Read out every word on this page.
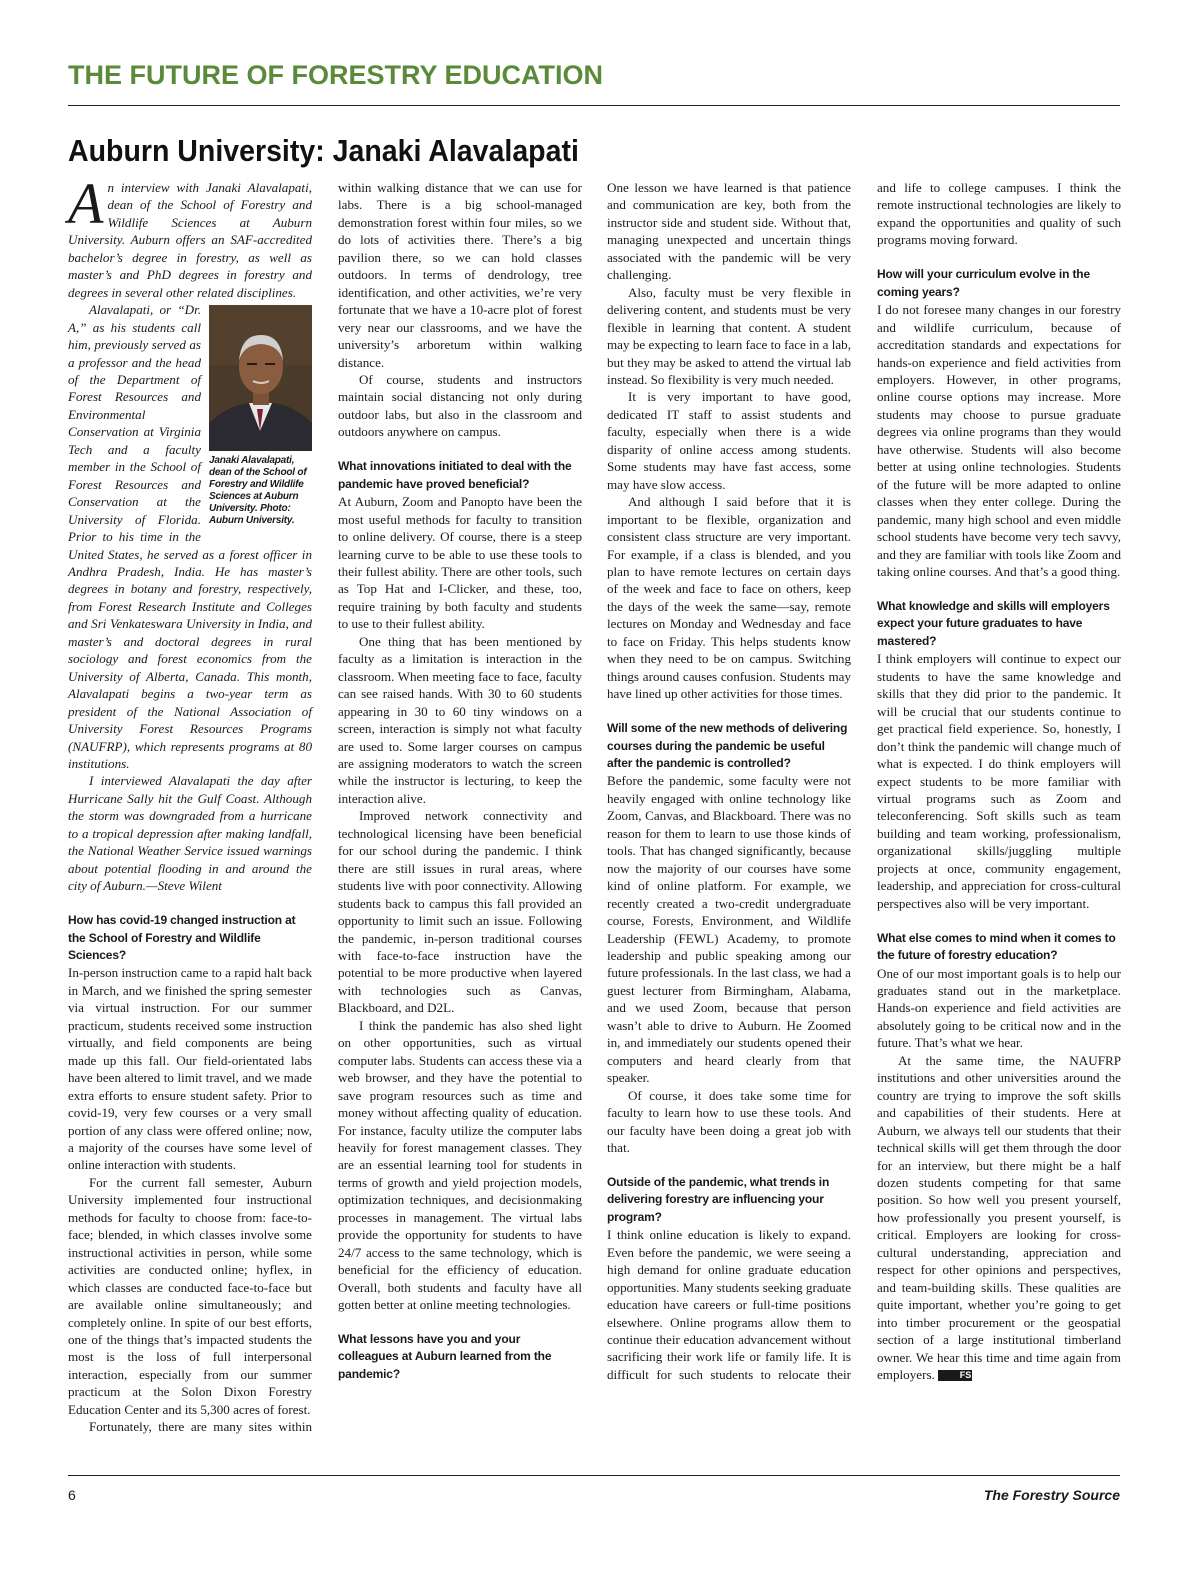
THE FUTURE OF FORESTRY EDUCATION
Auburn University: Janaki Alavalapati

An interview with Janaki Alavalapati, dean of the School of Forestry and Wildlife Sciences at Auburn University. Auburn offers an SAF-accredited bachelor’s degree in forestry, as well as master’s and PhD degrees in forestry and degrees in several other related disciplines.

Janaki Alavalapati, dean of the School of Forestry and Wildlife Sciences at Auburn University. Photo: Auburn University.

Alavalapati, or “Dr. A,” as his students call him, previously served as a professor and the head of the Department of Forest Resources and Environmental Conservation at Virginia Tech and a faculty member in the School of Forest Resources and Conservation at the University of Florida. Prior to his time in the United States, he served as a forest officer in Andhra Pradesh, India. He has master’s degrees in botany and forestry, respectively, from Forest Research Institute and Colleges and Sri Venkateswara University in India, and master’s and doctoral degrees in rural sociology and forest economics from the University of Alberta, Canada. This month, Alavalapati begins a two-year term as president of the National Association of University Forest Resources Programs (NAUFRP), which represents programs at 80 institutions.

I interviewed Alavalapati the day after Hurricane Sally hit the Gulf Coast. Although the storm was downgraded from a hurricane to a tropical depression after making landfall, the National Weather Service issued warnings about potential flooding in and around the city of Auburn.—Steve Wilent

How has covid-19 changed instruction at the School of Forestry and Wildlife Sciences?

In-person instruction came to a rapid halt back in March, and we finished the spring semester via virtual instruction. For our summer practicum, students received some instruction virtually, and field components are being made up this fall. Our field-orientated labs have been altered to limit travel, and we made extra efforts to ensure student safety. Prior to covid-19, very few courses or a very small portion of any class were offered online; now, a majority of the courses have some level of online interaction with students.

For the current fall semester, Auburn University implemented four instructional methods for faculty to choose from: face-to-face; blended, in which classes involve some instructional activities in person, while some activities are conducted online; hyflex, in which classes are conducted face-to-face but are available online simultaneously; and completely online. In spite of our best efforts, one of the things that’s impacted students the most is the loss of full interpersonal interaction, especially from our summer practicum at the Solon Dixon Forestry Education Center and its 5,300 acres of forest.

Fortunately, there are many sites within

within walking distance that we can use for labs. There is a big school-managed demonstration forest within four miles, so we do lots of activities there. There’s a big pavilion there, so we can hold classes outdoors. In terms of dendrology, tree identification, and other activities, we’re very fortunate that we have a 10-acre plot of forest very near our classrooms, and we have the university’s arboretum within walking distance.

Of course, students and instructors maintain social distancing not only during outdoor labs, but also in the classroom and outdoors anywhere on campus.

What innovations initiated to deal with the pandemic have proved beneficial?

At Auburn, Zoom and Panopto have been the most useful methods for faculty to transition to online delivery. Of course, there is a steep learning curve to be able to use these tools to their fullest ability. There are other tools, such as Top Hat and I-Clicker, and these, too, require training by both faculty and students to use to their fullest ability.

One thing that has been mentioned by faculty as a limitation is interaction in the classroom. When meeting face to face, faculty can see raised hands. With 30 to 60 students appearing in 30 to 60 tiny windows on a screen, interaction is simply not what faculty are used to. Some larger courses on campus are assigning moderators to watch the screen while the instructor is lecturing, to keep the interaction alive.

Improved network connectivity and technological licensing have been beneficial for our school during the pandemic. I think there are still issues in rural areas, where students live with poor connectivity. Allowing students back to campus this fall provided an opportunity to limit such an issue. Following the pandemic, in-person traditional courses with face-to-face instruction have the potential to be more productive when layered with technologies such as Canvas, Blackboard, and D2L.

I think the pandemic has also shed light on other opportunities, such as virtual computer labs. Students can access these via a web browser, and they have the potential to save program resources such as time and money without affecting quality of education. For instance, faculty utilize the computer labs heavily for forest management classes. They are an essential learning tool for students in terms of growth and yield projection models, optimization techniques, and decisionmaking processes in management. The virtual labs provide the opportunity for students to have 24/7 access to the same technology, which is beneficial for the efficiency of education. Overall, both students and faculty have all gotten better at online meeting technologies.

What lessons have you and your colleagues at Auburn learned from the pandemic?

One lesson we have learned is that patience and communication are key, both from the instructor side and student side. Without that, managing unexpected and uncertain things associated with the pandemic will be very challenging.

Also, faculty must be very flexible in delivering content, and students must be very flexible in learning that content. A student may be expecting to learn face to face in a lab, but they may be asked to attend the virtual lab instead. So flexibility is very much needed.

It is very important to have good, dedicated IT staff to assist students and faculty, especially when there is a wide disparity of online access among students. Some students may have fast access, some may have slow access.

And although I said before that it is important to be flexible, organization and consistent class structure are very important. For example, if a class is blended, and you plan to have remote lectures on certain days of the week and face to face on others, keep the days of the week the same—say, remote lectures on Monday and Wednesday and face to face on Friday. This helps students know when they need to be on campus. Switching things around causes confusion. Students may have lined up other activities for those times.

Will some of the new methods of delivering courses during the pandemic be useful after the pandemic is controlled?

Before the pandemic, some faculty were not heavily engaged with online technology like Zoom, Canvas, and Blackboard. There was no reason for them to learn to use those kinds of tools. That has changed significantly, because now the majority of our courses have some kind of online platform. For example, we recently created a two-credit undergraduate course, Forests, Environment, and Wildlife Leadership (FEWL) Academy, to promote leadership and public speaking among our future professionals. In the last class, we had a guest lecturer from Birmingham, Alabama, and we used Zoom, because that person wasn’t able to drive to Auburn. He Zoomed in, and immediately our students opened their computers and heard clearly from that speaker.

Of course, it does take some time for faculty to learn how to use these tools. And our faculty have been doing a great job with that.

Outside of the pandemic, what trends in delivering forestry are influencing your program?

I think online education is likely to expand. Even before the pandemic, we were seeing a high demand for online graduate education opportunities. Many students seeking graduate education have careers or full-time positions elsewhere. Online programs allow them to continue their education advancement without sacrificing their work life or family life. It is difficult for such students to relocate their

and life to college campuses. I think the remote instructional technologies are likely to expand the opportunities and quality of such programs moving forward.

How will your curriculum evolve in the coming years?

I do not foresee many changes in our forestry and wildlife curriculum, because of accreditation standards and expectations for hands-on experience and field activities from employers. However, in other programs, online course options may increase. More students may choose to pursue graduate degrees via online programs than they would have otherwise. Students will also become better at using online technologies. Students of the future will be more adapted to online classes when they enter college. During the pandemic, many high school and even middle school students have become very tech savvy, and they are familiar with tools like Zoom and taking online courses. And that’s a good thing.

What knowledge and skills will employers expect your future graduates to have mastered?

I think employers will continue to expect our students to have the same knowledge and skills that they did prior to the pandemic. It will be crucial that our students continue to get practical field experience. So, honestly, I don’t think the pandemic will change much of what is expected. I do think employers will expect students to be more familiar with virtual programs such as Zoom and teleconferencing. Soft skills such as team building and team working, professionalism, organizational skills/juggling multiple projects at once, community engagement, leadership, and appreciation for cross-cultural perspectives also will be very important.

What else comes to mind when it comes to the future of forestry education?

One of our most important goals is to help our graduates stand out in the marketplace. Hands-on experience and field activities are absolutely going to be critical now and in the future. That’s what we hear.

At the same time, the NAUFRP institutions and other universities around the country are trying to improve the soft skills and capabilities of their students. Here at Auburn, we always tell our students that their technical skills will get them through the door for an interview, but there might be a half dozen students competing for that same position. So how well you present yourself, how professionally you present yourself, is critical. Employers are looking for cross-cultural understanding, appreciation and respect for other opinions and perspectives, and team-building skills. These qualities are quite important, whether you’re going to get into timber procurement or the geospatial section of a large institutional timberland owner. We hear this time and time again from employers.	FS

6	The Forestry Source
